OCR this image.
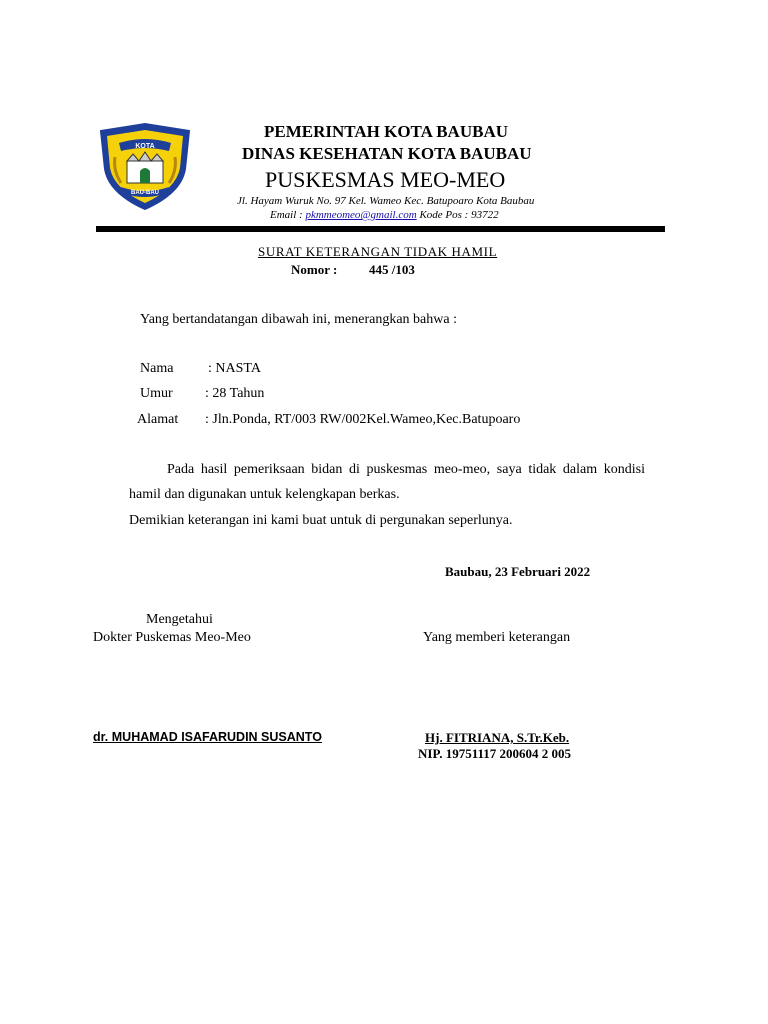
KOTA
BAU-BAU
PEMERINTAH KOTA BAUBAU
DINAS KESEHATAN KOTA BAUBAU
PUSKESMAS MEO-MEO
Jl. Hayam Wuruk No. 97 Kel. Wameo Kec. Batupoaro Kota Baubau
Email : pkmmeomeo@gmail.com Kode Pos : 93722
SURAT KETERANGAN TIDAK HAMIL
Nomor : 445 /103
Yang bertandatangan dibawah ini, menerangkan bahwa :
Nama : NASTA
Umur : 28 Tahun
Alamat : Jln.Ponda, RT/003 RW/002Kel.Wameo,Kec.Batupoaro
Pada hasil pemeriksaan bidan di puskesmas meo-meo, saya tidak dalam kondisi
hamil dan digunakan untuk kelengkapan berkas.
Demikian keterangan ini kami buat untuk di pergunakan seperlunya.
Baubau, 23 Februari 2022
Mengetahui
Dokter Puskemas Meo-Meo	Yang memberi keterangan
dr. MUHAMAD ISAFARUDIN SUSANTO	Hj. FITRIANA, S.Tr.Keb.
NIP. 19751117 200604 2 005
